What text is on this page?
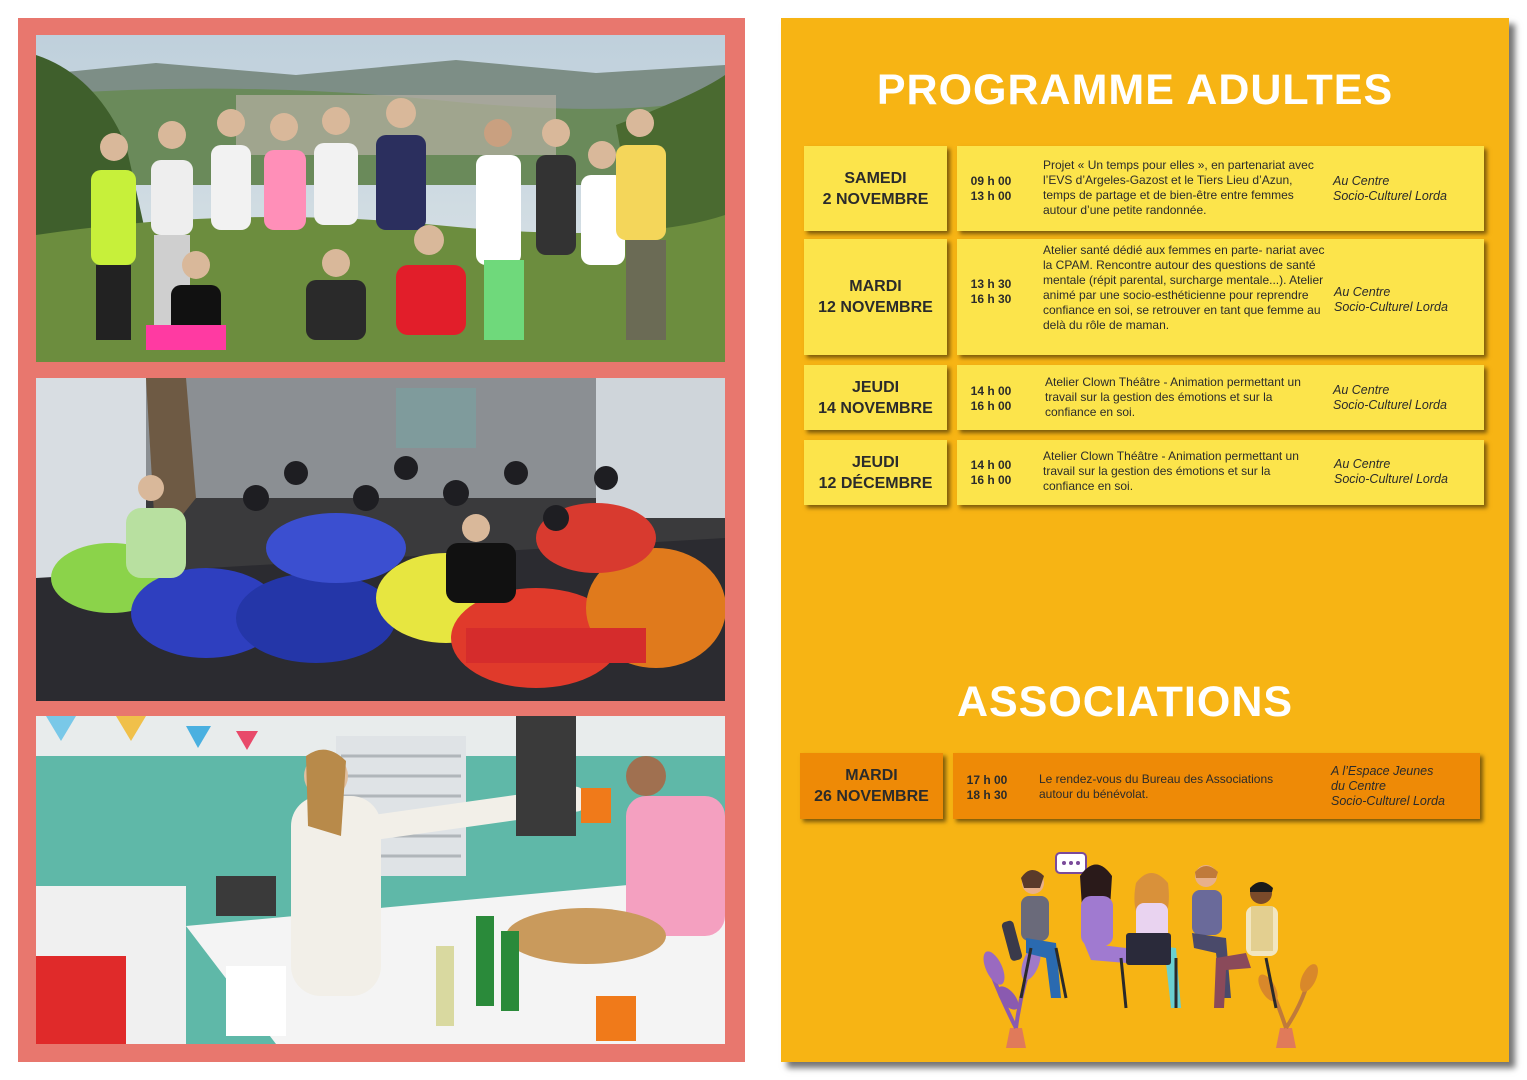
PROGRAMME ADULTES
SAMEDI
2 NOVEMBRE
09 h 00
13 h 00
Projet « Un temps pour elles », en partenariat avec l’EVS d’Argeles-Gazost et le Tiers Lieu d’Azun, temps de partage et de bien-être entre femmes autour d’une petite randonnée.
Au Centre
Socio-Culturel Lorda
MARDI
12 NOVEMBRE
13 h 30
16 h 30
Atelier santé dédié aux femmes en parte- nariat avec la CPAM. Rencontre autour des questions de santé mentale (répit parental, surcharge mentale...). Atelier animé par une socio-esthéticienne pour reprendre confiance en soi, se retrouver en tant que femme au delà du rôle de maman.
Au Centre
Socio-Culturel Lorda
JEUDI
14 NOVEMBRE
14 h 00
16 h 00
Atelier Clown Théâtre - Animation permettant un travail sur la gestion des émotions et sur la confiance en soi.
Au Centre
Socio-Culturel Lorda
JEUDI
12 DÉCEMBRE
14 h 00
16 h 00
Atelier Clown Théâtre - Animation permettant un travail sur la gestion des émotions et sur la confiance en soi.
Au Centre
Socio-Culturel Lorda
ASSOCIATIONS
MARDI
26 NOVEMBRE
17 h 00
18 h 30
Le rendez-vous du Bureau des Associations autour du bénévolat.
A l’Espace Jeunes
du Centre
Socio-Culturel Lorda
